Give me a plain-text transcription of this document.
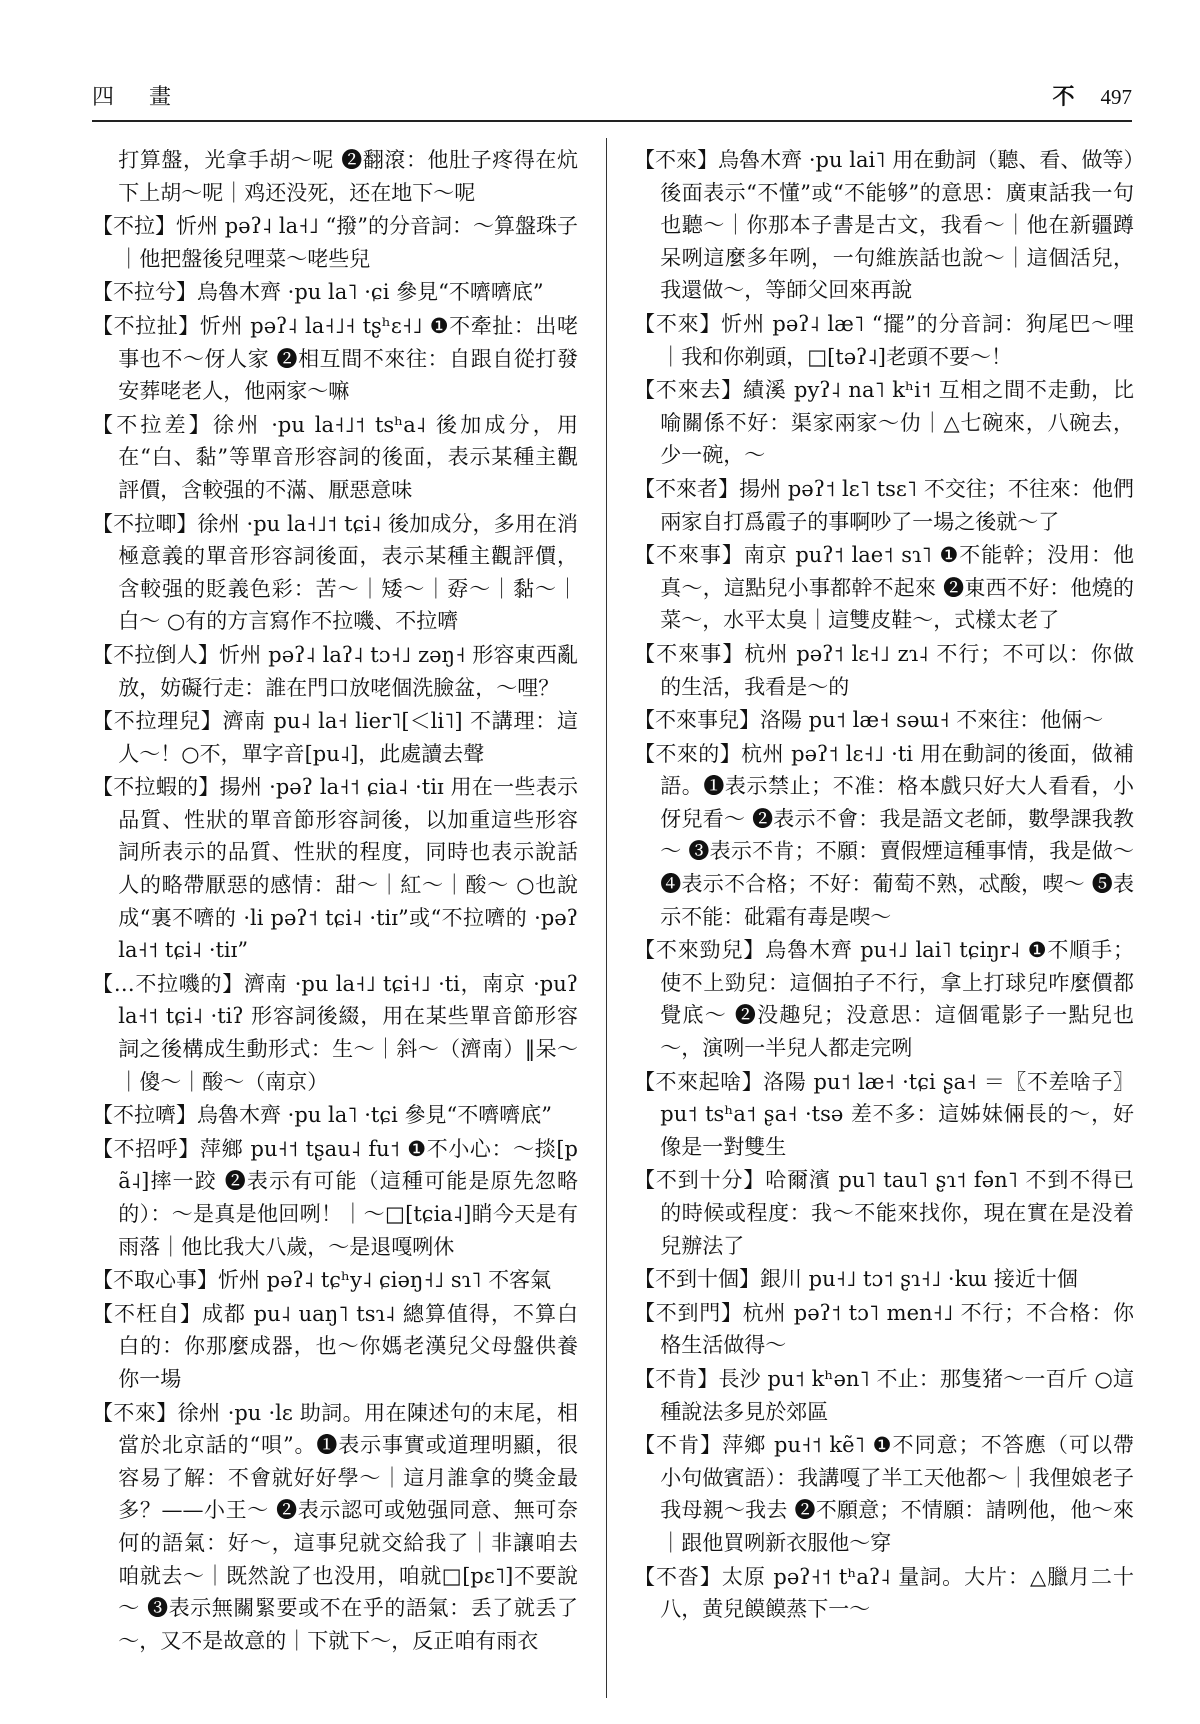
四 畫	不 497

打算盤，光拿手胡～呢 ❷翻滾：他肚子疼得在炕下上胡～呢｜鸡还没死，还在地下～呢

【不拉】忻州 pəʔ˨ la˧˩ “撥”的分音詞：～算盤珠子｜他把盤後兒哩菜～咾些兒

【不拉兮】烏魯木齊 ·pu la˥ ·ɕi 參見“不嚌嚌底”

【不拉扯】忻州 pəʔ˨ la˧˩˧ tʂʰɛ˧˩ ❶不牽扯：出咾事也不～伢人家 ❷相互間不來往：自跟自從打發安葬咾老人，他兩家～嘛

【不拉差】徐州 ·pu la˧˩˦ tsʰa˨ 後加成分，用在“白、黏”等單音形容詞的後面，表示某種主觀評價，含較强的不滿、厭惡意味

【不拉唧】徐州 ·pu la˧˩˦ tɕi˨ 後加成分，多用在消極意義的單音形容詞後面，表示某種主觀評價，含較强的貶義色彩：苦～｜矮～｜孬～｜黏～｜白～ ○有的方言寫作不拉嘰、不拉嚌

【不拉倒人】忻州 pəʔ˨ laʔ˨ tɔ˧˩ zəŋ˧ 形容東西亂放，妨礙行走：誰在門口放咾個洗臉盆，～哩？

【不拉理兒】濟南 pu˨ la˧ lier˥[＜li˥] 不講理：這人～！○不，單字音[pu˨]，此處讀去聲

【不拉蝦的】揚州 ·pəʔ la˧˦ ɕia˨ ·tiɪ 用在一些表示品質、性狀的單音節形容詞後，以加重這些形容詞所表示的品質、性狀的程度，同時也表示說話人的略帶厭惡的感情：甜～｜紅～｜酸～ ○也說成“裏不嚌的 ·li pəʔ˦ tɕi˨ ·tiɪ”或“不拉嚌的 ·pəʔ la˧˦ tɕi˨ ·tiɪ”

【…不拉嘰的】濟南 ·pu la˧˩ tɕi˧˩ ·ti，南京 ·puʔ la˧˦ tɕi˨ ·tiʔ 形容詞後綴，用在某些單音節形容詞之後構成生動形式：生～｜斜～（濟南）‖呆～｜傻～｜酸～（南京）

【不拉嚌】烏魯木齊 ·pu la˥ ·tɕi 參見“不嚌嚌底”

【不招呼】萍鄉 pu˧˦ tʂau˨ fu˦ ❶不小心：～掞[pã˨]摔一跤 ❷表示有可能（這種可能是原先忽略的）：～是真是他回咧！｜～□[tɕia˨]睄今天是有雨落｜他比我大八歲，～是退嘎咧休

【不取心事】忻州 pəʔ˨ tɕʰy˨ ɕiəŋ˧˩ sɿ˥ 不客氣

【不枉自】成都 pu˨ uaŋ˥ tsɿ˨ 總算值得，不算白白的：你那麼成器，也～你媽老漢兒父母盤供養你一場

【不來】徐州 ·pu ·lɛ 助詞。用在陳述句的末尾，相當於北京話的“唄”。❶表示事實或道理明顯，很容易了解：不會就好好學～｜這月誰拿的獎金最多？——小王～ ❷表示認可或勉强同意、無可奈何的語氣：好～，這事兒就交給我了｜非讓咱去咱就去～｜既然說了也没用，咱就□[pɛ˥]不要說～ ❸表示無關緊要或不在乎的語氣：丢了就丢了～，又不是故意的｜下就下～，反正咱有雨衣

【不來】烏魯木齊 ·pu lai˥ 用在動詞（聽、看、做等）後面表示“不懂”或“不能够”的意思：廣東話我一句也聽～｜你那本子書是古文，我看～｜他在新疆蹲呆咧這麼多年咧，一句維族話也說～｜這個活兒，我還做～，等師父回來再說

【不來】忻州 pəʔ˨ læ˥ “擺”的分音詞：狗尾巴～哩｜我和你剃頭，□[təʔ˨]老頭不要～！

【不來去】績溪 pyʔ˨ na˥ kʰi˦ 互相之間不走動，比喻關係不好：渠家兩家～仂｜△七碗來，八碗去，少一碗，～

【不來者】揚州 pəʔ˦ lɛ˥ tsɛ˥ 不交往；不往來：他們兩家自打爲霞子的事啊吵了一場之後就～了

【不來事】南京 puʔ˦ lae˦ sɿ˥ ❶不能幹；没用：他真～，這點兒小事都幹不起來 ❷東西不好：他燒的菜～，水平太臭｜這雙皮鞋～，式樣太老了

【不來事】杭州 pəʔ˦ lɛ˧˩ zɿ˨ 不行；不可以：你做的生活，我看是～的

【不來事兒】洛陽 pu˦ læ˧ səɯ˧ 不來往：他倆～

【不來的】杭州 pəʔ˦ lɛ˧˩ ·ti 用在動詞的後面，做補語。❶表示禁止；不准：格本戲只好大人看看，小伢兒看～ ❷表示不會：我是語文老師，數學課我教～ ❸表示不肯；不願：賣假煙這種事情，我是做～ ❹表示不合格；不好：葡萄不熟，忒酸，喫～ ❺表示不能：砒霜有毒是喫～

【不來勁兒】烏魯木齊 pu˧˩ lai˥ tɕiŋr˨ ❶不順手；使不上勁兒：這個拍子不行，拿上打球兒咋麼價都覺底～ ❷没趣兒；没意思：這個電影子一點兒也～，演咧一半兒人都走完咧

【不來起啥】洛陽 pu˦ læ˧ ·tɕi ʂa˧ ＝〖不差啥子〗pu˦ tsʰa˦ ʂa˧ ·tsə 差不多：這姊妹倆長的～，好像是一對雙生

【不到十分】哈爾濱 pu˥ tau˥ ʂɿ˦ fən˥ 不到不得已的時候或程度：我～不能來找你，現在實在是没着兒辦法了

【不到十個】銀川 pu˧˩ tɔ˦ ʂɿ˧˩ ·kɯ 接近十個

【不到門】杭州 pəʔ˦ tɔ˥ men˧˩ 不行；不合格：你格生活做得～

【不肯】長沙 pu˦ kʰən˥ 不止：那隻猪～一百斤 ○這種說法多見於郊區

【不肯】萍鄉 pu˧˦ kẽ˥ ❶不同意；不答應（可以帶小句做賓語）：我講嘎了半工天他都～｜我俚娘老子我母親～我去 ❷不願意；不情願：請咧他，他～來｜跟他買咧新衣服他～穿

【不沓】太原 pəʔ˧˦ tʰaʔ˨ 量詞。大片：△臘月二十八，黄兒饃饃蒸下一～
